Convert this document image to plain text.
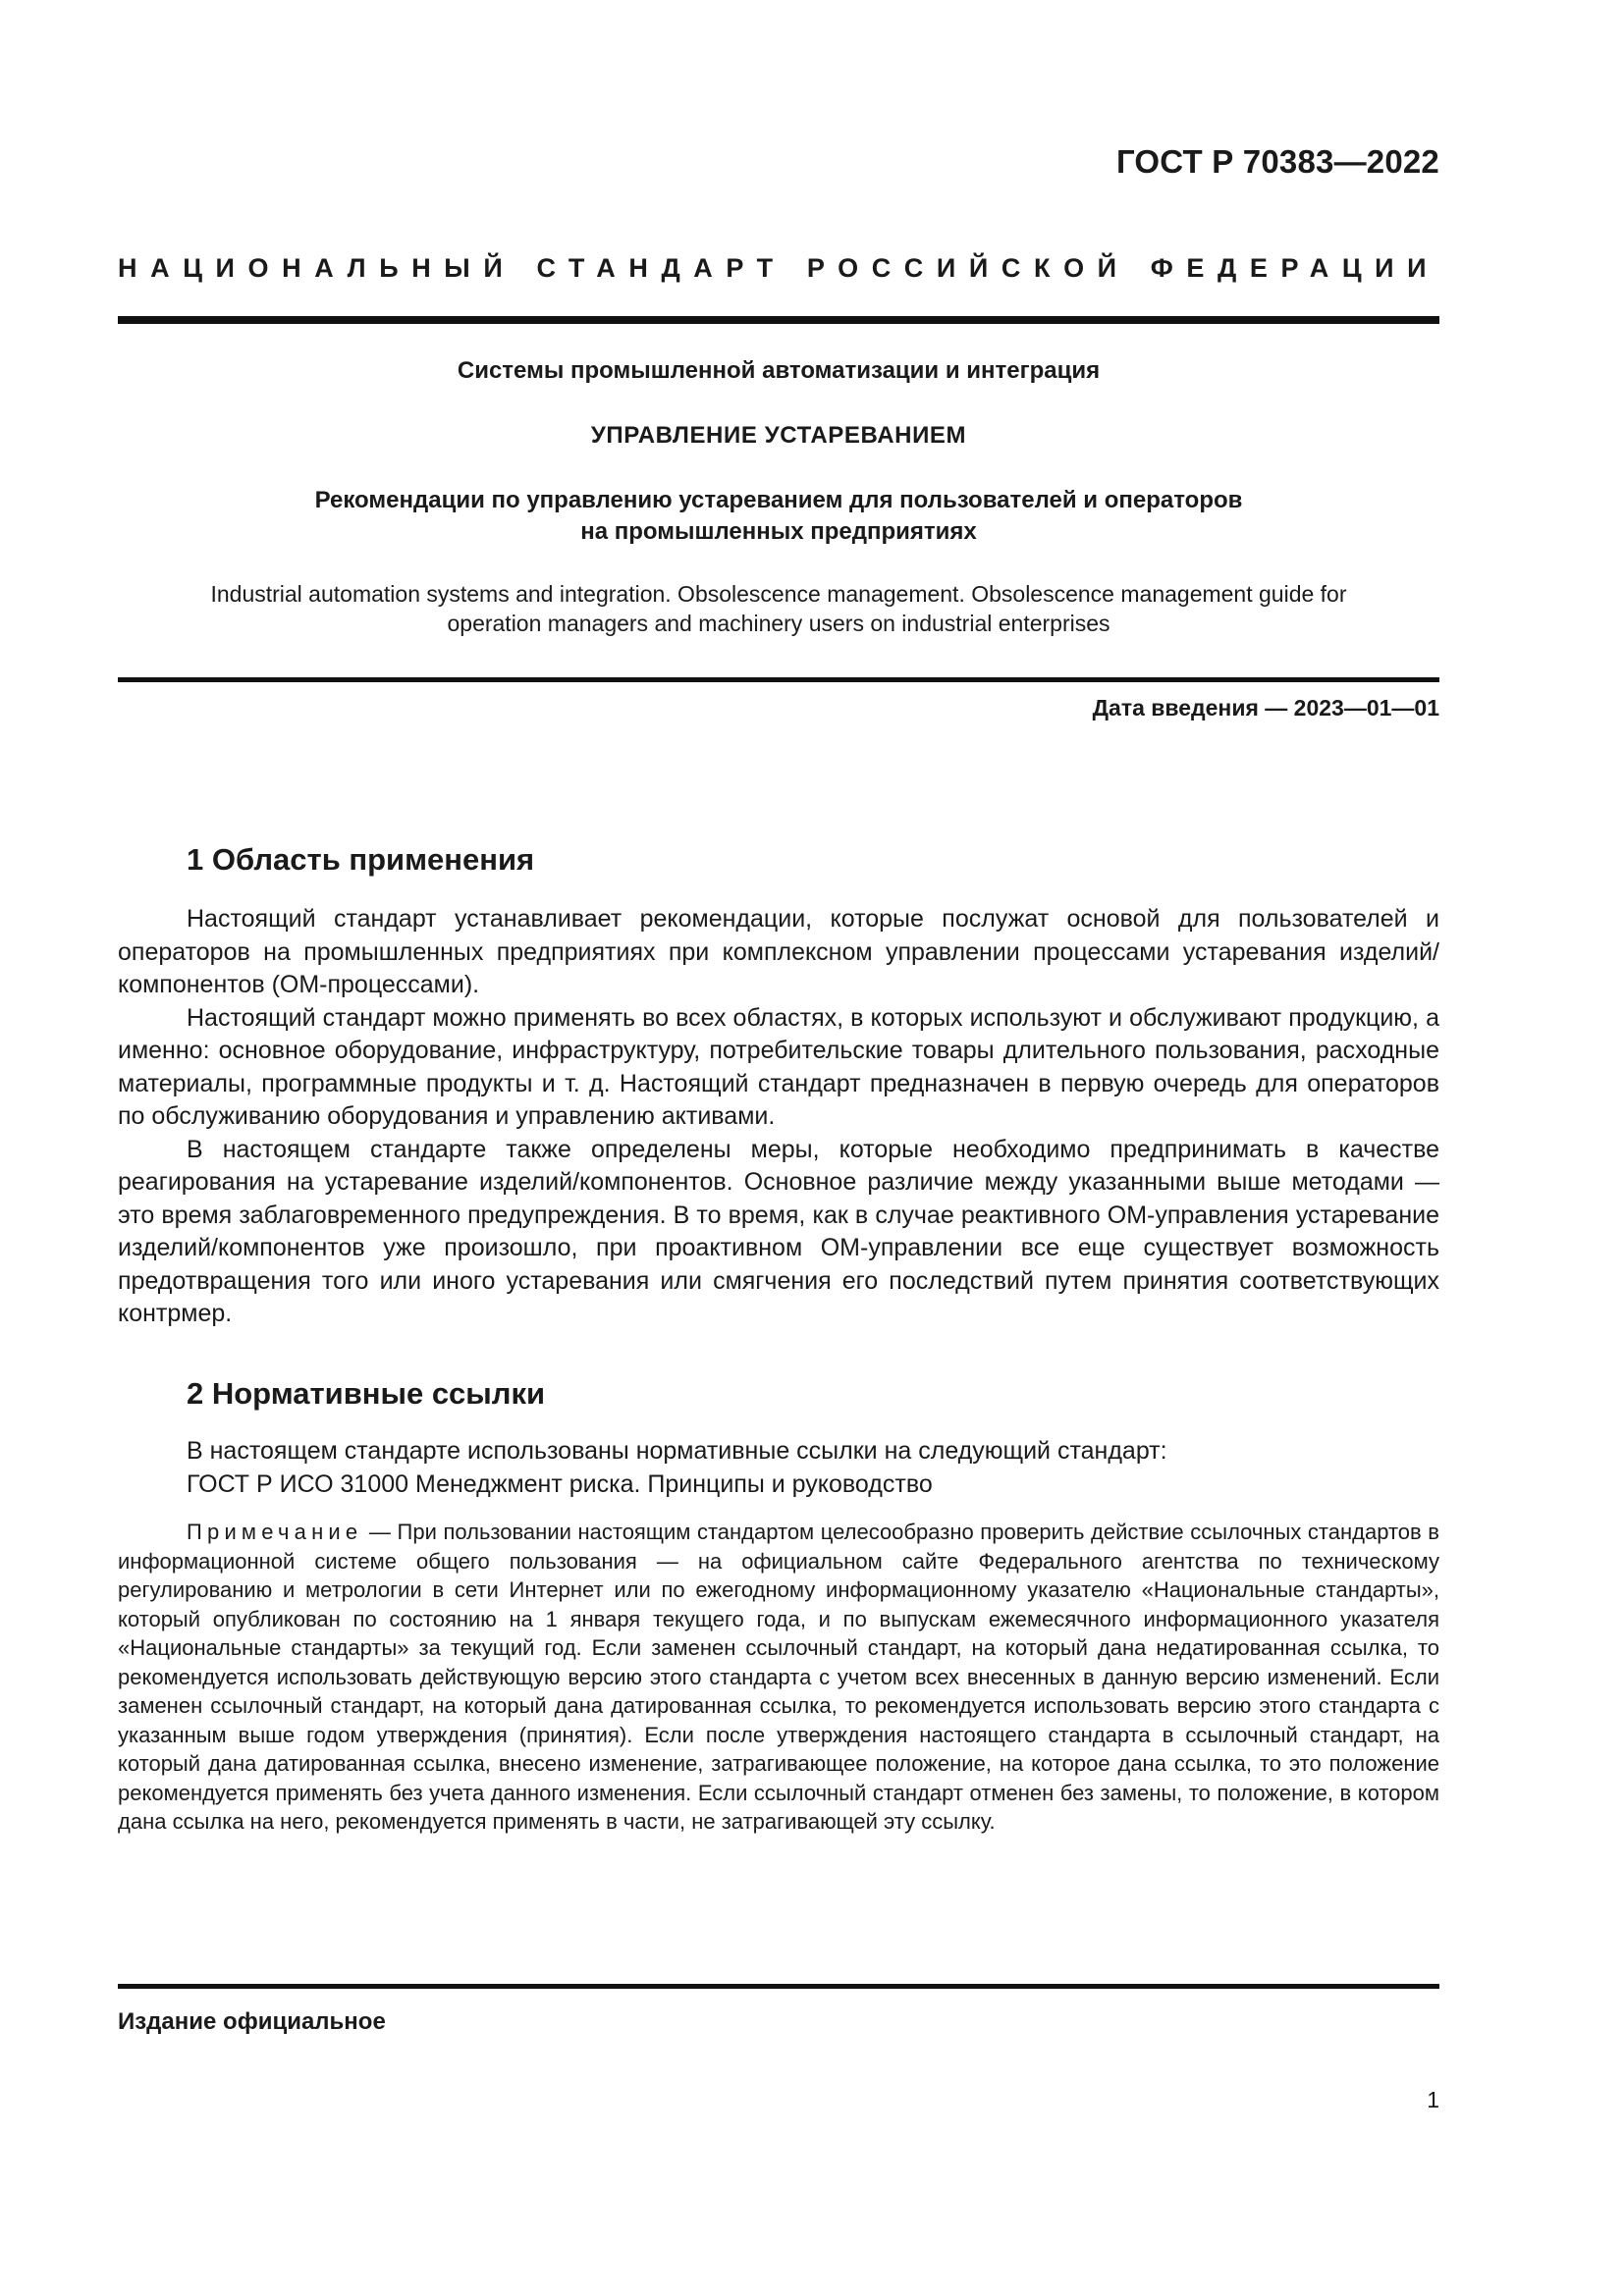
ГОСТ Р 70383—2022
НАЦИОНАЛЬНЫЙ СТАНДАРТ РОССИЙСКОЙ ФЕДЕРАЦИИ
Системы промышленной автоматизации и интеграция
УПРАВЛЕНИЕ УСТАРЕВАНИЕМ
Рекомендации по управлению устареванием для пользователей и операторов
на промышленных предприятиях
Industrial automation systems and integration. Obsolescence management. Obsolescence management guide for
operation managers and machinery users on industrial enterprises
Дата введения — 2023—01—01
1 Область применения

Настоящий стандарт устанавливает рекомендации, которые послужат основой для пользователей и операторов на промышленных предприятиях при комплексном управлении процессами устаревания изделий/компонентов (ОМ-процессами).

Настоящий стандарт можно применять во всех областях, в которых используют и обслуживают продукцию, а именно: основное оборудование, инфраструктуру, потребительские товары длительного пользования, расходные материалы, программные продукты и т. д. Настоящий стандарт предназначен в первую очередь для операторов по обслуживанию оборудования и управлению активами.

В настоящем стандарте также определены меры, которые необходимо предпринимать в качестве реагирования на устаревание изделий/компонентов. Основное различие между указанными выше методами — это время заблаговременного предупреждения. В то время, как в случае реактивного ОМ-управления устаревание изделий/компонентов уже произошло, при проактивном ОМ-управлении все еще существует возможность предотвращения того или иного устаревания или смягчения его последствий путем принятия соответствующих контрмер.

2 Нормативные ссылки
В настоящем стандарте использованы нормативные ссылки на следующий стандарт:
ГОСТ Р ИСО 31000 Менеджмент риска. Принципы и руководство

Примечание — При пользовании настоящим стандартом целесообразно проверить действие ссылочных стандартов в информационной системе общего пользования — на официальном сайте Федерального агентства по техническому регулированию и метрологии в сети Интернет или по ежегодному информационному указателю «Национальные стандарты», который опубликован по состоянию на 1 января текущего года, и по выпускам ежемесячного информационного указателя «Национальные стандарты» за текущий год. Если заменен ссылочный стандарт, на который дана недатированная ссылка, то рекомендуется использовать действующую версию этого стандарта с учетом всех внесенных в данную версию изменений. Если заменен ссылочный стандарт, на который дана датированная ссылка, то рекомендуется использовать версию этого стандарта с указанным выше годом утверждения (принятия). Если после утверждения настоящего стандарта в ссылочный стандарт, на который дана датированная ссылка, внесено изменение, затрагивающее положение, на которое дана ссылка, то это положение рекомендуется применять без учета данного изменения. Если ссылочный стандарт отменен без замены, то положение, в котором дана ссылка на него, рекомендуется применять в части, не затрагивающей эту ссылку.

Издание официальное
1
